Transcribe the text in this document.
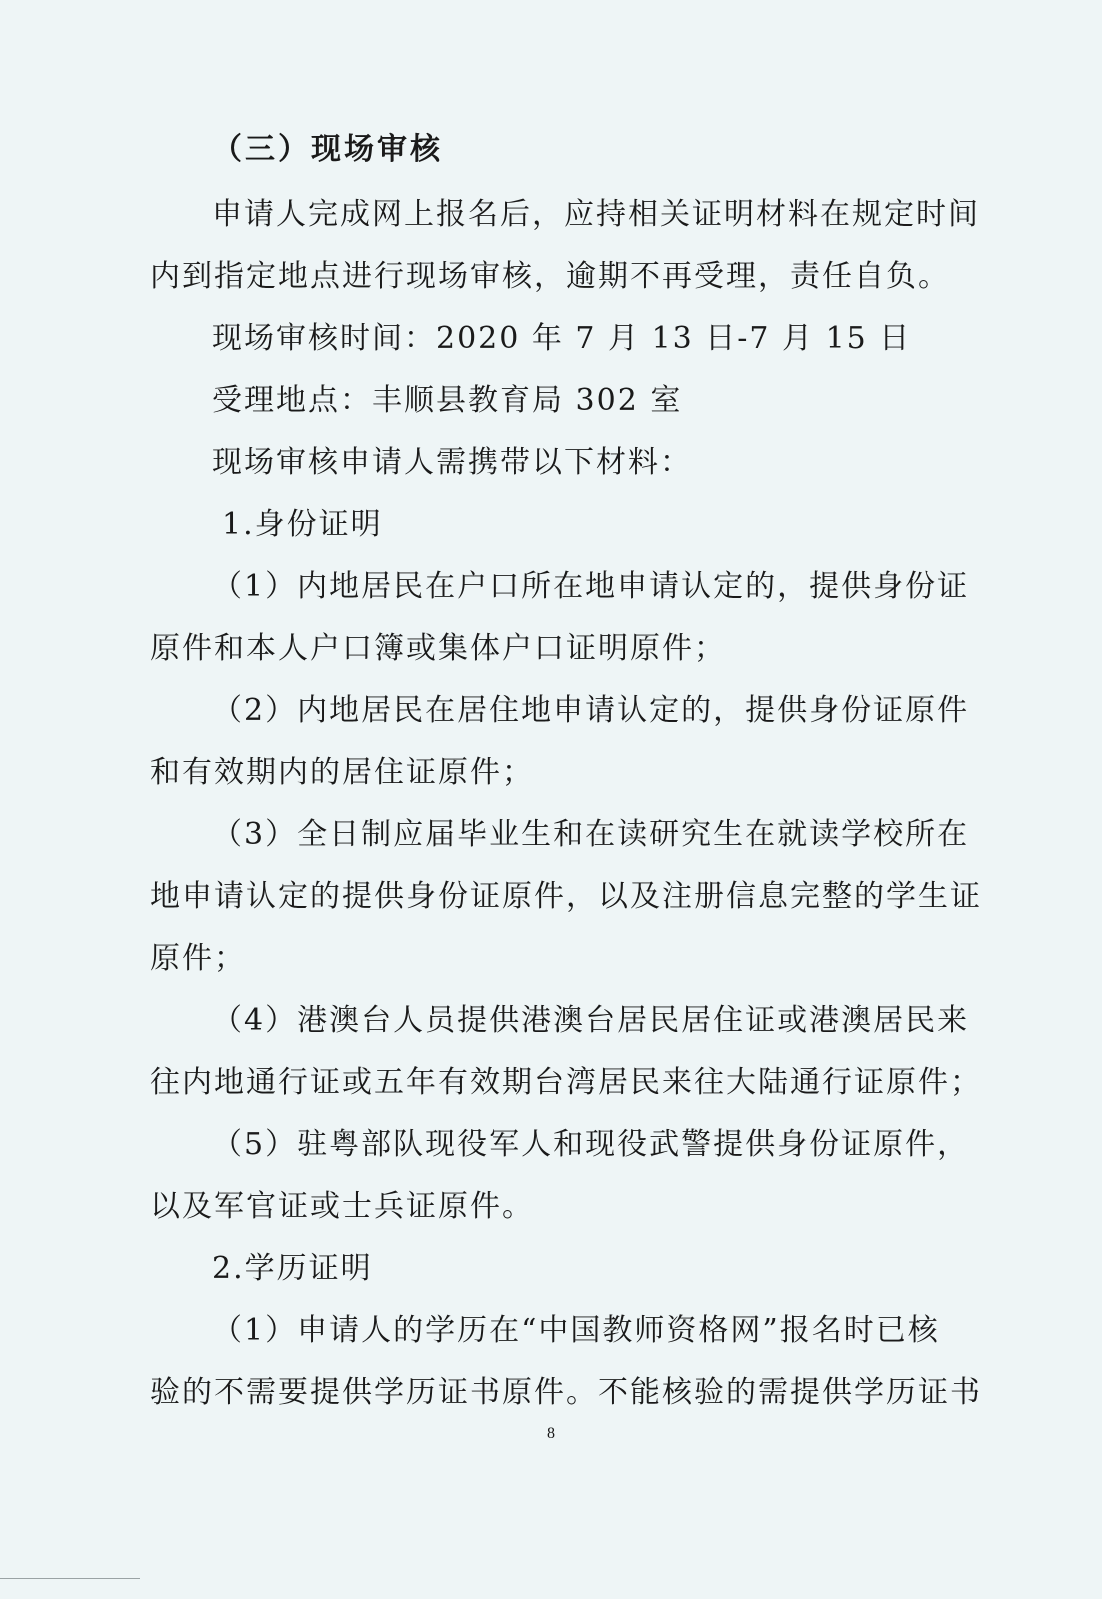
（三）现场审核
申请人完成网上报名后，应持相关证明材料在规定时间
内到指定地点进行现场审核，逾期不再受理，责任自负。
现场审核时间：2020 年 7 月 13 日-7 月 15 日
受理地点：丰顺县教育局 302 室
现场审核申请人需携带以下材料：
1.身份证明
（1）内地居民在户口所在地申请认定的，提供身份证
原件和本人户口簿或集体户口证明原件；
（2）内地居民在居住地申请认定的，提供身份证原件
和有效期内的居住证原件；
（3）全日制应届毕业生和在读研究生在就读学校所在
地申请认定的提供身份证原件，以及注册信息完整的学生证
原件；
（4）港澳台人员提供港澳台居民居住证或港澳居民来
往内地通行证或五年有效期台湾居民来往大陆通行证原件；
（5）驻粤部队现役军人和现役武警提供身份证原件，
以及军官证或士兵证原件。
2.学历证明
（1）申请人的学历在“中国教师资格网”报名时已核
验的不需要提供学历证书原件。不能核验的需提供学历证书
8
